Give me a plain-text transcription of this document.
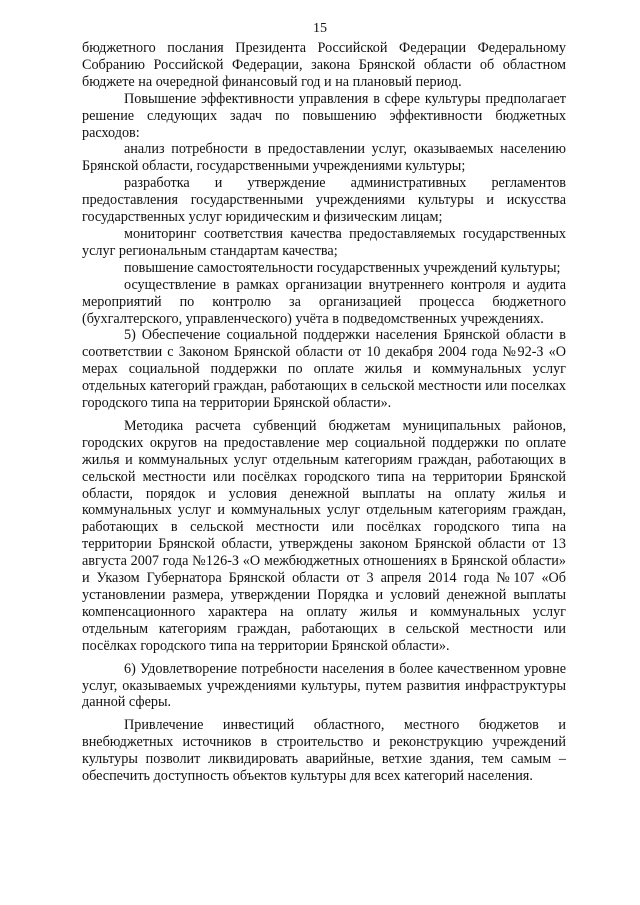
15

бюджетного послания Президента Российской Федерации Федеральному Собранию Российской Федерации, закона Брянской области об областном бюджете на очередной финансовый год и на плановый период.

Повышение эффективности управления в сфере культуры предполагает решение следующих задач по повышению эффективности бюджетных расходов:

анализ потребности в предоставлении услуг, оказываемых населению Брянской области, государственными учреждениями культуры;

разработка и утверждение административных регламентов предоставления государственными учреждениями культуры и искусства государственных услуг юридическим и физическим лицам;

мониторинг соответствия качества предоставляемых государственных услуг региональным стандартам качества;

повышение самостоятельности государственных учреждений культуры;

осуществление в рамках организации внутреннего контроля и аудита мероприятий по контролю за организацией процесса бюджетного (бухгалтерского, управленческого) учёта в подведомственных учреждениях.

5) Обеспечение социальной поддержки населения Брянской области в соответствии с Законом Брянской области от 10 декабря 2004 года №92-З «О мерах социальной поддержки по оплате жилья и коммунальных услуг отдельных категорий граждан, работающих в сельской местности или поселках городского типа на территории Брянской области».

Методика расчета субвенций бюджетам муниципальных районов, городских округов на предоставление мер социальной поддержки по оплате жилья и коммунальных услуг отдельным категориям граждан, работающих в сельской местности или посёлках городского типа на территории Брянской области, порядок и условия денежной выплаты на оплату жилья и коммунальных услуг и коммунальных услуг отдельным категориям граждан, работающих в сельской местности или посёлках городского типа на территории Брянской области, утверждены законом Брянской области от 13 августа 2007 года №126-З «О межбюджетных отношениях в Брянской области» и Указом Губернатора Брянской области от 3 апреля 2014 года №107 «Об установлении размера, утверждении Порядка и условий денежной выплаты компенсационного характера на оплату жилья и коммунальных услуг отдельным категориям граждан, работающих в сельской местности или посёлках городского типа на территории Брянской области».

6) Удовлетворение потребности населения в более качественном уровне услуг, оказываемых учреждениями культуры, путем развития инфраструктуры данной сферы.

Привлечение инвестиций областного, местного бюджетов и внебюджетных источников в строительство и реконструкцию учреждений культуры позволит ликвидировать аварийные, ветхие здания, тем самым – обеспечить доступность объектов культуры для всех категорий населения.
